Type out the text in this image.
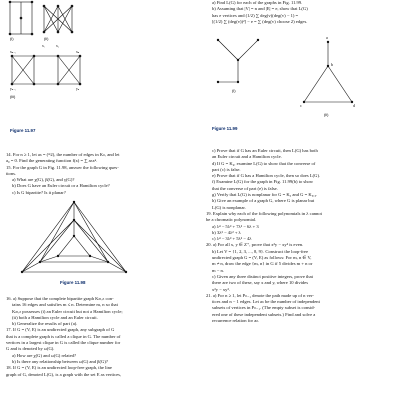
(i)	(ii)
x₁	x₂
xₙ₋₁	xₙ
yₙ₋₁	yₙ
(iii)
Figure 11.97
14. For n ≥ 1, let aₙ = (ᵐ2), the number of edges in Kₙ, and let
a₀ = 0. Find the generating function f(x) = ∑ aₙxⁿ.
15. For the graph G in Fig. 11.98, answer the following ques-
tions.
a) What are χ(G), β(G), and γ(G)?
b) Does G have an Euler circuit or a Hamilton cycle?
c) Is G bipartite? Is it planar?
Figure 11.98
16. a) Suppose that the complete bipartite graph Kₘ,ₙ con-
tains 16 edges and satisfies m ≤ n. Determine m, n so that
Kₘ,ₙ possesses (i) an Euler circuit but not a Hamilton cycle;
(ii) both a Hamilton cycle and an Euler circuit.
b) Generalize the results of part (a).
17. If G = (V, E) is an undirected graph, any subgraph of G
that is a complete graph is called a clique in G. The number of
vertices in a largest clique in G is called the clique number for
G and is denoted by ω(G).
a) How are χ(G) and ω(G) related?
b) Is there any relationship between ω(G) and β(G)?
18. If G = (V, E) is an undirected loop-free graph, the line
graph of G, denoted L(G), is a graph with the set E as vertices,
a) Find L(G) for each of the graphs in Fig. 11.99.
b) Assuming that |V| = n and |E| = e, show that L(G)
has e vertices and (1/2) ∑ deg(v)(deg(v) − 1) =
[(1/2) ∑ (deg(v))²] − e = ∑ (deg(v) choose 2) edges.
a
b
c	d
(i)
(ii)
Figure 11.99
c) Prove that if G has an Euler circuit, then L(G) has both
an Euler circuit and a Hamilton cycle.
d) If G = K₄, examine L(G) to show that the converse of
part (c) is false.
e) Prove that if G has a Hamilton cycle, then so does L(G).
f) Examine L(G) for the graph in Fig. 11.99(b) to show
that the converse of part (e) is false.
g) Verify that L(G) is nonplanar for G = K₅ and G = K₃,₃.
h) Give an example of a graph G, where G is planar but
L(G) is nonplanar.
19. Explain why each of the following polynomials in λ cannot
be a chromatic polynomial.
a) λ⁴ − 5λ³ + 7λ² − 6λ + 3
b) 3λ³ − 4λ² + λ
c) λ⁴ − 3λ³ + 5λ² − 4λ
20. a) For all x, y ∈ Z⁺, prove that x²y − xy² is even.
b) Let V = {1, 2, 3, ..., 8, 9}. Construct the loop-free
undirected graph G = (V, E) as follows: For m, n ∈ V,
m ≠ n, draw the edge {m, n} in G if 5 divides m + n or
m − n.
c) Given any three distinct positive integers, prove that
there are two of these, say x and y, where 10 divides
x³y − xy³.
21. a) For n ≥ 1, let Pₙ₋₁ denote the path made up of n ver-
tices and n − 1 edges. Let aₙ be the number of independent
subsets of vertices in Pₙ₋₁. (The empty subset is consid-
ered one of these independent subsets.) Find and solve a
recurrence relation for aₙ.
